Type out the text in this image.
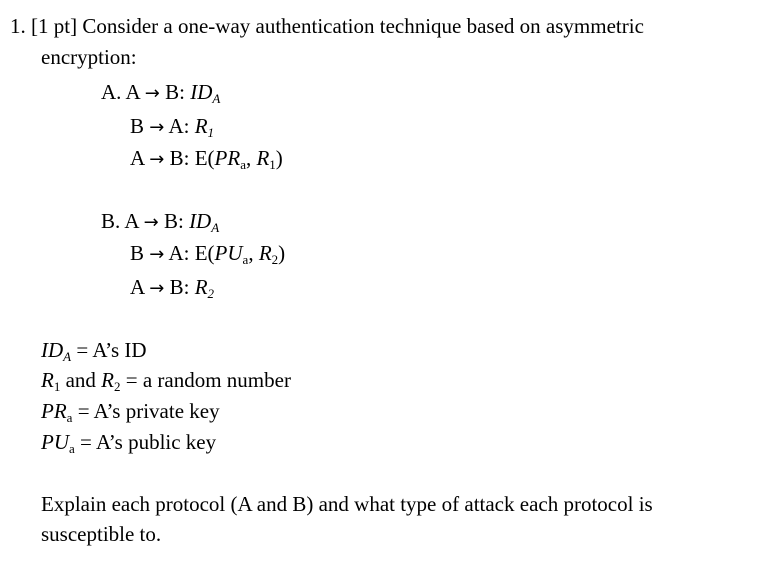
1. [1 pt] Consider a one-way authentication technique based on asymmetric
encryption:
A. A → B: $ID_A$
B → A: $R_1$
A → B: $E(PR_a$, $R_1$)
B. A → B: $ID_A$
B → A: $E(PU_a$, $R_2$)
A → B: $R_2$
$ID_A$ = A’s ID
$R_1$ and $R_2 = a$ random number
$PR_a$ = A’s private key
$PU_a$ = A’s public key
Explain each protocol (A and B) and what type of attack each protocol is
susceptible to.
